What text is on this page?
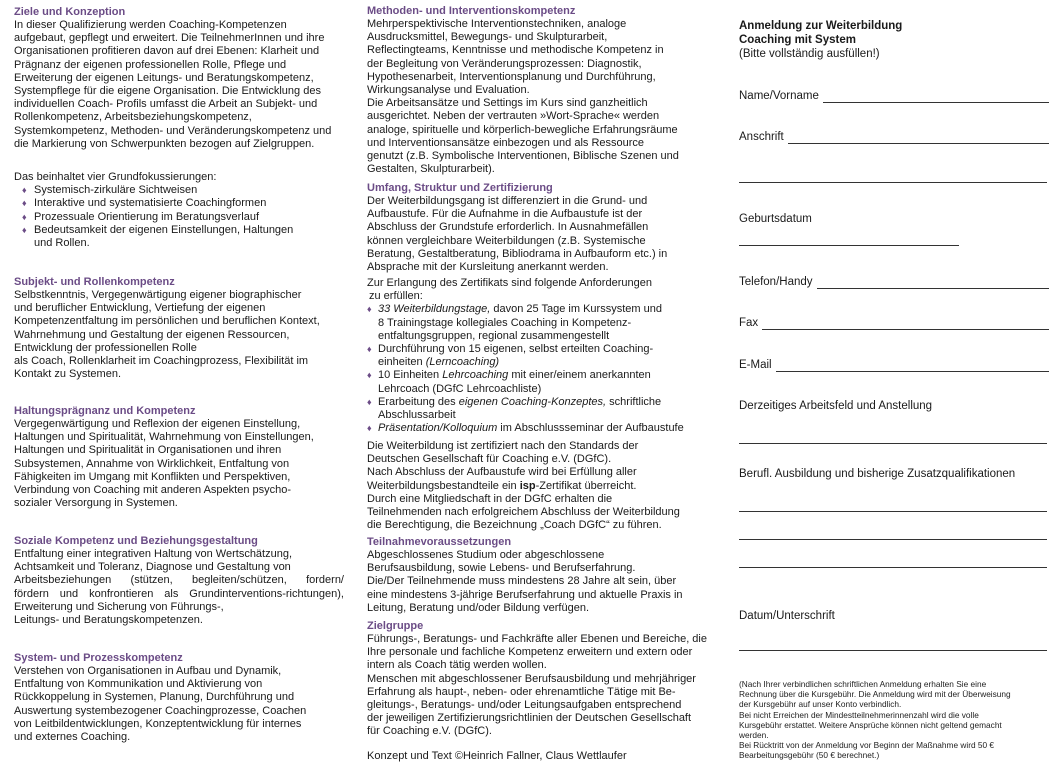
Ziele und Konzeption

In dieser Qualifizierung werden Coaching-Kompetenzen

aufgebaut, gepflegt und erweitert. Die TeilnehmerInnen und ihre

Organisationen profitieren davon auf drei Ebenen: Klarheit und

Prägnanz der eigenen professionellen Rolle, Pflege und

Erweiterung der eigenen Leitungs- und Beratungskompetenz,

Systempflege für die eigene Organisation. Die Entwicklung des

individuellen Coach- Profils umfasst die Arbeit an Subjekt- und

Rollenkompetenz, Arbeitsbeziehungskompetenz,

Systemkompetenz, Methoden- und Veränderungskompetenz und

die Markierung von Schwerpunkten bezogen auf Zielgruppen.

Das beinhaltet vier Grundfokussierungen:

♦ Systemisch-zirkuläre Sichtweisen
♦ Interaktive und systematisierte Coachingformen
♦ Prozessuale Orientierung im Beratungsverlauf
♦ Bedeutsamkeit der eigenen Einstellungen, Haltungen
und Rollen.

Subjekt- und Rollenkompetenz

Selbstkenntnis, Vergegenwärtigung eigener biographischer

und beruflicher Entwicklung, Vertiefung der eigenen

Kompetenzentfaltung im persönlichen und beruflichen Kontext,

Wahrnehmung und Gestaltung der eigenen Ressourcen,

Entwicklung der professionellen Rolle

als Coach, Rollenklarheit im Coachingprozess, Flexibilität im

Kontakt zu Systemen.

Haltungsprägnanz und Kompetenz

Vergegenwärtigung und Reflexion der eigenen Einstellung,

Haltungen und Spiritualität, Wahrnehmung von Einstellungen,

Haltungen und Spiritualität in Organisationen und ihren

Subsystemen, Annahme von Wirklichkeit, Entfaltung von

Fähigkeiten im Umgang mit Konflikten und Perspektiven,

Verbindung von Coaching mit anderen Aspekten psycho-

sozialer Versorgung in Systemen.

Soziale Kompetenz und Beziehungsgestaltung

Entfaltung einer integrativen Haltung von Wertschätzung,

Achtsamkeit und Toleranz, Diagnose und Gestaltung von

Arbeitsbeziehungen (stützen, begleiten/schützen, fordern/

fördern und konfrontieren als Grundinterventions-richtungen),

Erweiterung und Sicherung von Führungs-,

Leitungs- und Beratungskompetenzen.

System- und Prozesskompetenz

Verstehen von Organisationen in Aufbau und Dynamik,

Entfaltung von Kommunikation und Aktivierung von

Rückkoppelung in Systemen, Planung, Durchführung und

Auswertung systembezogener Coachingprozesse, Coachen

von Leitbildentwicklungen, Konzeptentwicklung für internes

und externes Coaching.

Methoden- und Interventionskompetenz

Mehrperspektivische Interventionstechniken, analoge

Ausdrucksmittel, Bewegungs- und Skulpturarbeit,

Reflectingteams, Kenntnisse und methodische Kompetenz in

der Begleitung von Veränderungsprozessen: Diagnostik,

Hypothesenarbeit, Interventionsplanung und Durchführung,

Wirkungsanalyse und Evaluation.

Die Arbeitsansätze und Settings im Kurs sind ganzheitlich

ausgerichtet. Neben der vertrauten »Wort-Sprache« werden

analoge, spirituelle und körperlich-bewegliche Erfahrungsräume

und Interventionsansätze einbezogen und als Ressource

genutzt (z.B. Symbolische Interventionen, Biblische Szenen und

Gestalten, Skulpturarbeit).

Umfang, Struktur und Zertifizierung

Der Weiterbildungsgang ist differenziert in die Grund- und

Aufbaustufe. Für die Aufnahme in die Aufbaustufe ist der

Abschluss der Grundstufe erforderlich. In Ausnahmefällen

können vergleichbare Weiterbildungen (z.B. Systemische

Beratung, Gestaltberatung, Bibliodrama in Aufbauform etc.) in

Absprache mit der Kursleitung anerkannt werden.

Zur Erlangung des Zertifikats sind folgende Anforderungen

zu erfüllen:

♦ 33 Weiterbildungstage, davon 25 Tage im Kurssystem und
8 Trainingstage kollegiales Coaching in Kompetenz-
entfaltungsgruppen, regional zusammengestellt
♦ Durchführung von 15 eigenen, selbst erteilten Coaching-
einheiten (Lerncoaching)
♦ 10 Einheiten Lehrcoaching mit einer/einem anerkannten
Lehrcoach (DGfC Lehrcoachliste)
♦ Erarbeitung des eigenen Coaching-Konzeptes, schriftliche
Abschlussarbeit
♦ Präsentation/Kolloquium im Abschlussseminar der Aufbaustufe

Die Weiterbildung ist zertifiziert nach den Standards der

Deutschen Gesellschaft für Coaching e.V. (DGfC).

Nach Abschluss der Aufbaustufe wird bei Erfüllung aller

Weiterbildungsbestandteile ein isp-Zertifikat überreicht.

Durch eine Mitgliedschaft in der DGfC erhalten die

Teilnehmenden nach erfolgreichem Abschluss der Weiterbildung

die Berechtigung, die Bezeichnung „Coach DGfC“ zu führen.

Teilnahmevoraussetzungen

Abgeschlossenes Studium oder abgeschlossene

Berufsausbildung, sowie Lebens- und Berufserfahrung.

Die/Der Teilnehmende muss mindestens 28 Jahre alt sein, über

eine mindestens 3-jährige Berufserfahrung und aktuelle Praxis in

Leitung, Beratung und/oder Bildung verfügen.

Zielgruppe

Führungs-, Beratungs- und Fachkräfte aller Ebenen und Bereiche, die

Ihre personale und fachliche Kompetenz erweitern und extern oder

intern als Coach tätig werden wollen.

Menschen mit abgeschlossener Berufsausbildung und mehrjähriger

Erfahrung als haupt-, neben- oder ehrenamtliche Tätige mit Be-

gleitungs-, Beratungs- und/oder Leitungsaufgaben entsprechend

der jeweiligen Zertifizierungsrichtlinien der Deutschen Gesellschaft

für Coaching e.V. (DGfC).

Konzept und Text ©Heinrich Fallner, Claus Wettlaufer

Anmeldung zur Weiterbildung
Coaching mit System
(Bitte vollständig ausfüllen!)
Name/Vorname
Anschrift
Geburtsdatum
Telefon/Handy
Fax
E-Mail
Derzeitiges Arbeitsfeld und Anstellung
Berufl. Ausbildung und bisherige Zusatzqualifikationen
Datum/Unterschrift
(Nach Ihrer verbindlichen schriftlichen Anmeldung erhalten Sie eine
Rechnung über die Kursgebühr. Die Anmeldung wird mit der Überweisung
der Kursgebühr auf unser Konto verbindlich.
Bei nicht Erreichen der Mindestteilnehmerinnenzahl wird die volle
Kursgebühr erstattet. Weitere Ansprüche können nicht geltend gemacht
werden.
Bei Rücktritt von der Anmeldung vor Beginn der Maßnahme wird 50 €
Bearbeitungsgebühr (50 € berechnet.)
